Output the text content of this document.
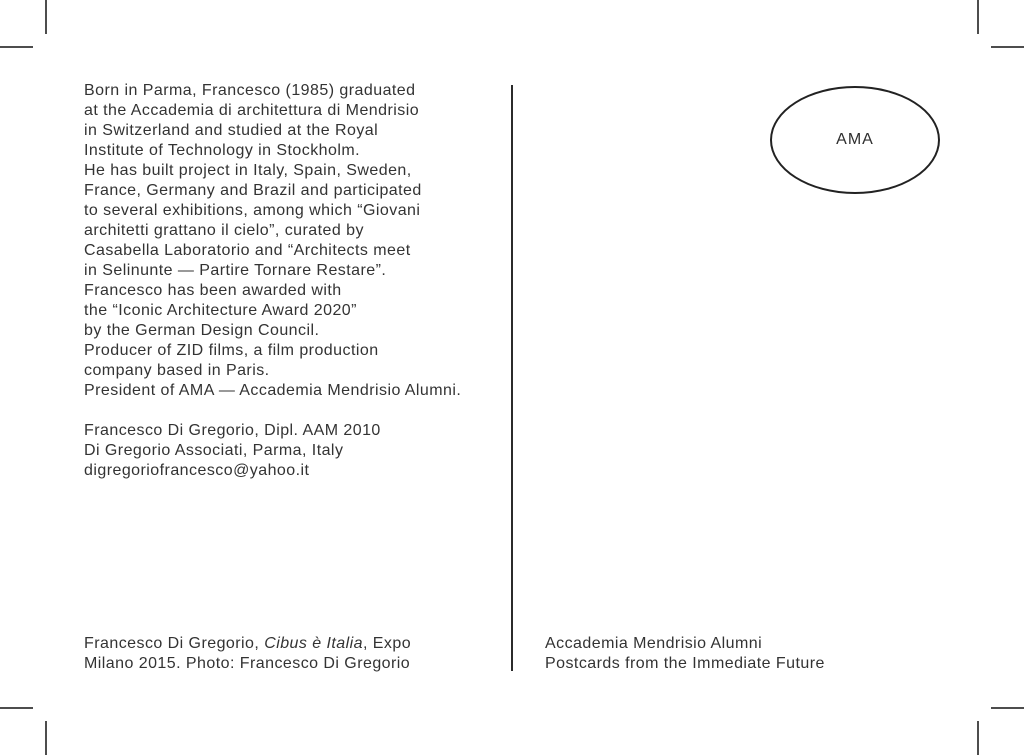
Born in Parma, Francesco (1985) graduated
at the Accademia di architettura di Mendrisio
in Switzerland and studied at the Royal
Institute of Technology in Stockholm.
He has built project in Italy, Spain, Sweden,
France, Germany and Brazil and participated
to several exhibitions, among which “Giovani
architetti grattano il cielo”, curated by
Casabella Laboratorio and “Architects meet
in Selinunte — Partire Tornare Restare”.
Francesco has been awarded with
the “Iconic Architecture Award 2020”
by the German Design Council.
Producer of ZID films, a film production
company based in Paris.
President of AMA — Accademia Mendrisio Alumni.
Francesco Di Gregorio, Dipl. AAM 2010
Di Gregorio Associati, Parma, Italy
digregoriofrancesco@yahoo.it
Francesco Di Gregorio, Cibus è Italia, Expo
Milano 2015. Photo: Francesco Di Gregorio
Accademia Mendrisio Alumni
Postcards from the Immediate Future
AMA
